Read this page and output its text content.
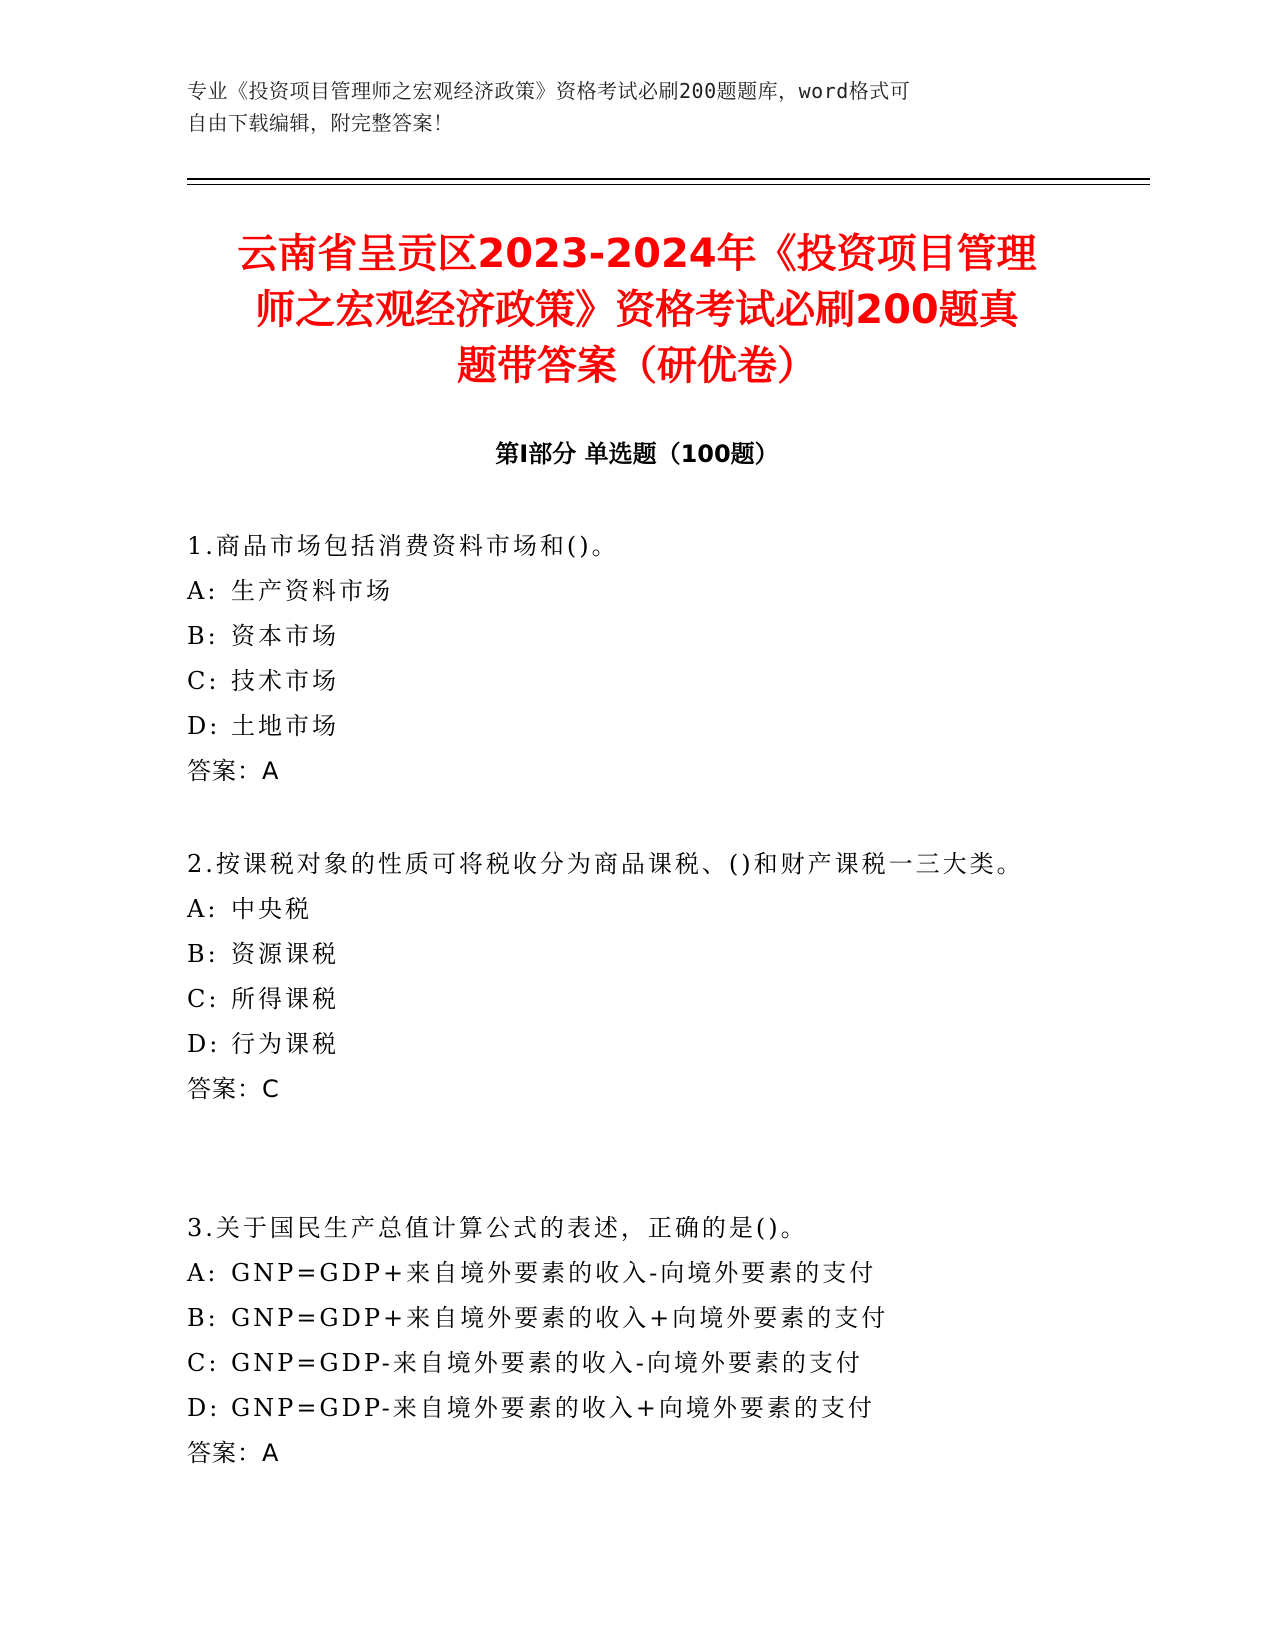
专业《投资项目管理师之宏观经济政策》资格考试必刷200题题库，word格式可
自由下载编辑，附完整答案！
云南省呈贡区2023-2024年《投资项目管理
师之宏观经济政策》资格考试必刷200题真
题带答案（研优卷）
第Ⅰ部分 单选题（100题）
1.商品市场包括消费资料市场和()。
A: 生产资料市场
B: 资本市场
C: 技术市场
D: 土地市场
答案：A
2.按课税对象的性质可将税收分为商品课税、()和财产课税一三大类。
A: 中央税
B: 资源课税
C: 所得课税
D: 行为课税
答案：C
3.关于国民生产总值计算公式的表述，正确的是()。
A: GNP=GDP+来自境外要素的收入-向境外要素的支付
B: GNP=GDP+来自境外要素的收入+向境外要素的支付
C: GNP=GDP-来自境外要素的收入-向境外要素的支付
D: GNP=GDP-来自境外要素的收入+向境外要素的支付
答案：A
